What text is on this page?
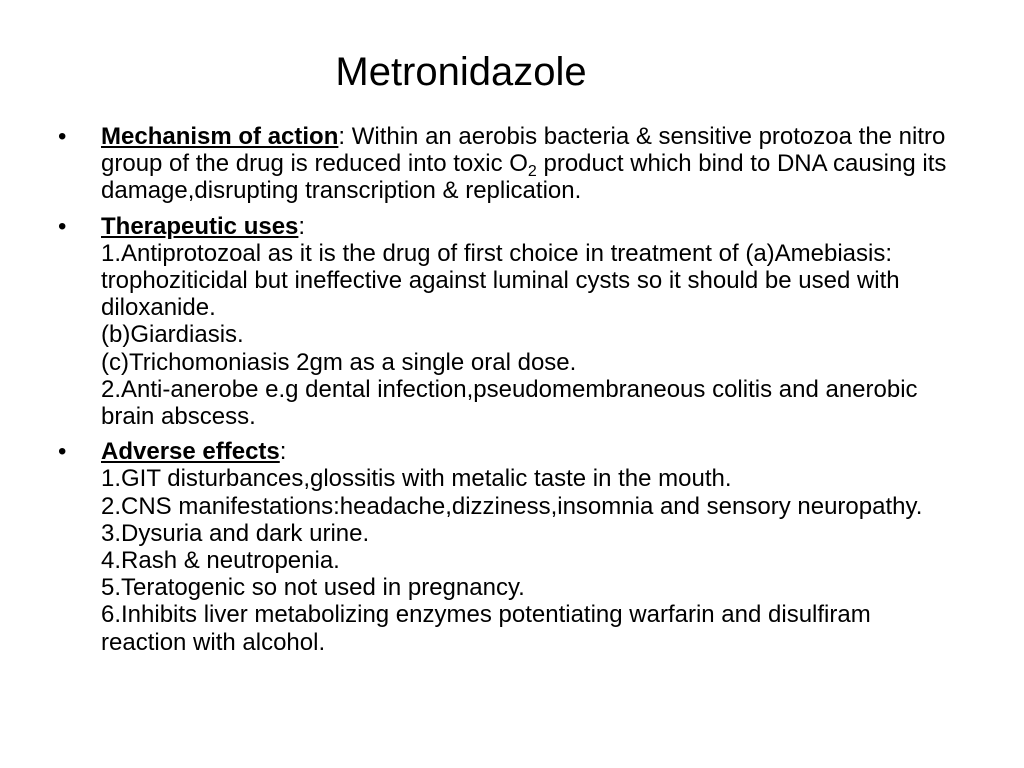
Metronidazole
•	Mechanism of action: Within an aerobis bacteria & sensitive protozoa the nitro group of the drug is reduced into toxic $O_2$ product which bind to DNA causing its damage,disrupting transcription & replication.
•	Therapeutic uses:
1.Antiprotozoal as it is the drug of first choice in treatment of (a)Amebiasis: trophoziticidal but ineffective against luminal cysts so it should be used with diloxanide.
(b)Giardiasis.
(c)Trichomoniasis 2gm as a single oral dose.
2.Anti-anerobe e.g dental infection,pseudomembraneous colitis and anerobic brain abscess.
•	Adverse effects:
1.GIT disturbances,glossitis with metalic taste in the mouth.
2.CNS manifestations:headache,dizziness,insomnia and sensory neuropathy. 3.Dysuria and dark urine.
4.Rash & neutropenia.
5.Teratogenic so not used in pregnancy.
6.Inhibits liver metabolizing enzymes potentiating warfarin and disulfiram reaction with alcohol.
